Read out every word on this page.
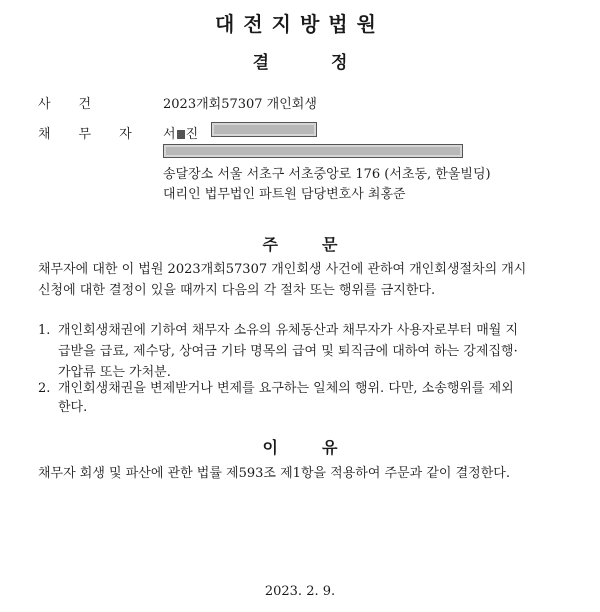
대전지방법원
결정
사건	2023개회57307 개인회생
채무자 서 진
송달장소 서울 서초구 서초중앙로 176 (서초동, 한울빌딩)
대리인 법무법인 파트원 담당변호사 최홍준
주문
채무자에 대한 이 법원 2023개회57307 개인회생 사건에 관하여 개인회생절차의 개시
신청에 대한 결정이 있을 때까지 다음의 각 절차 또는 행위를 금지한다.
1. 개인회생채권에 기하여 채무자 소유의 유체동산과 채무자가 사용자로부터 매월 지
급받을 급료, 제수당, 상여금 기타 명목의 급여 및 퇴직금에 대하여 하는 강제집행·
가압류 또는 가처분.
2. 개인회생채권을 변제받거나 변제를 요구하는 일체의 행위. 다만, 소송행위를 제외
한다.
이유
채무자 회생 및 파산에 관한 법률 제593조 제1항을 적용하여 주문과 같이 결정한다.
2023. 2. 9.
